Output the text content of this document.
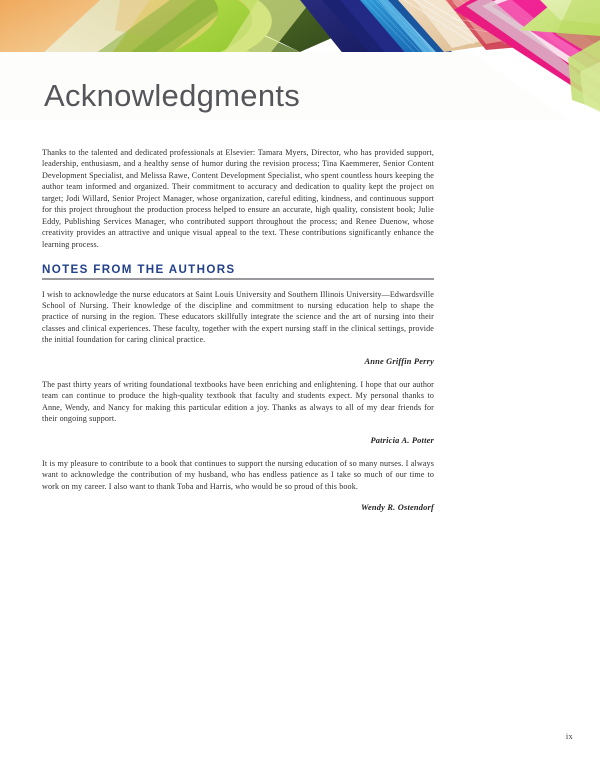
Acknowledgments

Thanks to the talented and dedicated professionals at Elsevier: Tamara Myers, Director, who has provided support, leadership, enthusiasm, and a healthy sense of humor during the revision process; Tina Kaemmerer, Senior Content Development Specialist, and Melissa Rawe, Content Development Specialist, who spent countless hours keeping the author team informed and organized. Their commitment to accuracy and dedication to quality kept the project on target; Jodi Willard, Senior Project Manager, whose organization, careful editing, kindness, and continuous support for this project throughout the production process helped to ensure an accurate, high quality, consistent book; Julie Eddy, Publishing Services Manager, who contributed support throughout the process; and Renee Duenow, whose creativity provides an attractive and unique visual appeal to the text. These contributions significantly enhance the learning process.

NOTES FROM THE AUTHORS

I wish to acknowledge the nurse educators at Saint Louis University and Southern Illinois University—Edwardsville School of Nursing. Their knowledge of the discipline and commitment to nursing education help to shape the practice of nursing in the region. These educators skillfully integrate the science and the art of nursing into their classes and clinical experiences. These faculty, together with the expert nursing staff in the clinical settings, provide the initial foundation for caring clinical practice.

Anne Griffin Perry

The past thirty years of writing foundational textbooks have been enriching and enlightening. I hope that our author team can continue to produce the high-quality textbook that faculty and students expect. My personal thanks to Anne, Wendy, and Nancy for making this particular edition a joy. Thanks as always to all of my dear friends for their ongoing support.

Patricia A. Potter

It is my pleasure to contribute to a book that continues to support the nursing education of so many nurses. I always want to acknowledge the contribution of my husband, who has endless patience as I take so much of our time to work on my career. I also want to thank Toba and Harris, who would be so proud of this book.

Wendy R. Ostendorf

ix
